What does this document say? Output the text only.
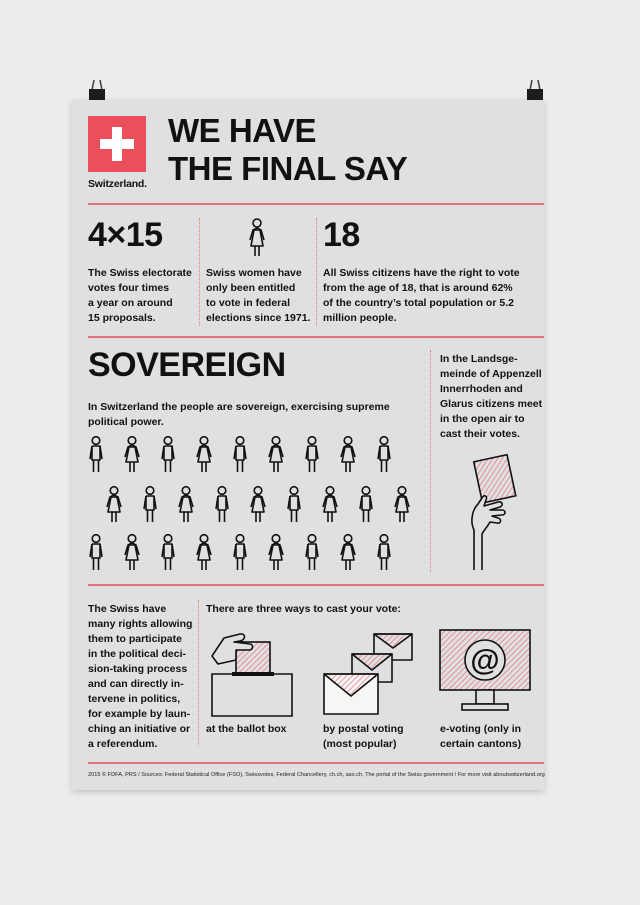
Switzerland.
WE HAVE
THE FINAL SAY
4×15
The Swiss electorate
votes four times
a year on around
15 proposals.
Swiss women have
only been entitled
to vote in federal
elections since 1971.
18
All Swiss citizens have the right to vote
from the age of 18, that is around 62%
of the country’s total population or 5.2
million people.
SOVEREIGN
In Switzerland the people are sovereign, exercising supreme
political power.
In the Landsge-
meinde of Appenzell
Innerrhoden and
Glarus citizens meet
in the open air to
cast their votes.
The Swiss have
many rights allowing
them to participate
in the political deci-
sion-taking process
and can directly in-
tervene in politics,
for example by laun-
ching an initiative or
a referendum.
There are three ways to cast your vote:
at the ballot box	by postal voting
(most popular)
@
e-voting (only in
certain cantons)
2015 © FDFA, PRS / Sources: Federal Statistical Office (FSO), Swissvotes, Federal Chancellery, ch.ch, aso.ch, The portal of the Swiss government / For more visit aboutswitzerland.org
